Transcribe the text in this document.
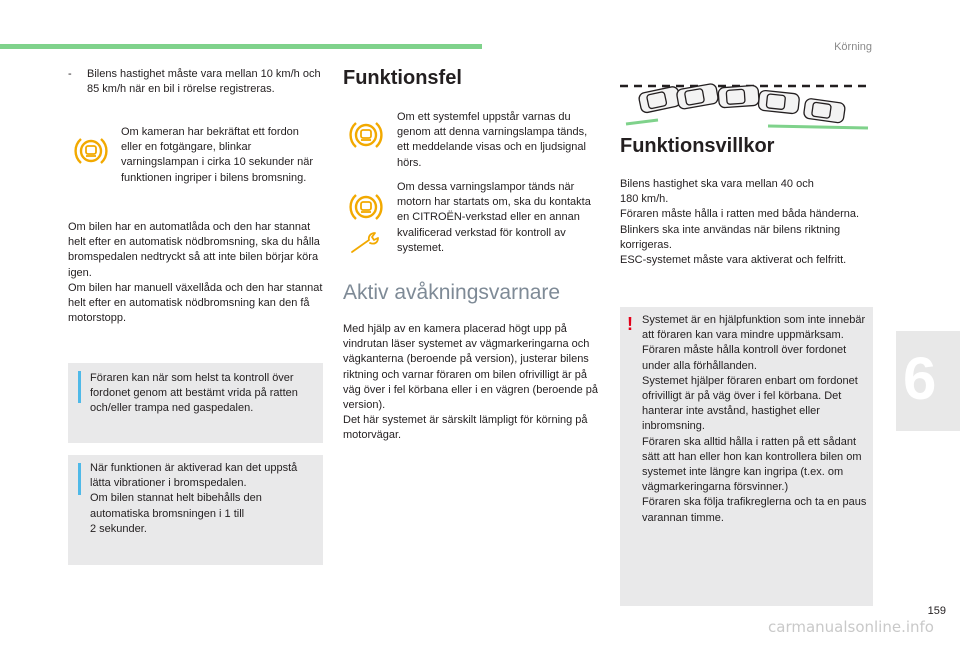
Körning
6
159
-	Bilens hastighet måste vara mellan 10 km/h och 85 km/h när en bil i rörelse registreras.
Om kameran har bekräftat ett fordon eller en fotgängare, blinkar varningslampan i cirka 10 sekunder när funktionen ingriper i bilens bromsning.
Om bilen har en automatlåda och den har stannat helt efter en automatisk nödbromsning, ska du hålla bromspedalen nedtryckt så att inte bilen börjar köra igen.
Om bilen har manuell växellåda och den har stannat helt efter en automatisk nödbromsning kan den få motorstopp.
Föraren kan när som helst ta kontroll över fordonet genom att bestämt vrida på ratten och/eller trampa ned gaspedalen.
När funktionen är aktiverad kan det uppstå lätta vibrationer i bromspedalen.
Om bilen stannat helt bibehålls den automatiska bromsningen i 1 till
2 sekunder.
Funktionsfel
Om ett systemfel uppstår varnas du genom att denna varningslampa tänds, ett meddelande visas och en ljudsignal hörs.
Om dessa varningslampor tänds när motorn har startats om, ska du kontakta en CITROËN-verkstad eller en annan kvalificerad verkstad för kontroll av systemet.
Aktiv avåkningsvarnare
Med hjälp av en kamera placerad högt upp på vindrutan läser systemet av vägmarkeringarna och vägkanterna (beroende på version), justerar bilens riktning och varnar föraren om bilen ofrivilligt är på väg över i fel körbana eller i en vägren (beroende på version).
Det här systemet är särskilt lämpligt för körning på motorvägar.
Funktionsvillkor
Bilens hastighet ska vara mellan 40 och
180 km/h.
Föraren måste hålla i ratten med båda händerna.
Blinkers ska inte användas när bilens riktning korrigeras.
ESC-systemet måste vara aktiverat och felfritt.
! Systemet är en hjälpfunktion som inte innebär att föraren kan vara mindre uppmärksam. Föraren måste hålla kontroll över fordonet under alla förhållanden.
Systemet hjälper föraren enbart om fordonet ofrivilligt är på väg över i fel körbana. Det hanterar inte avstånd, hastighet eller inbromsning.
Föraren ska alltid hålla i ratten på ett sådant sätt att han eller hon kan kontrollera bilen om systemet inte längre kan ingripa (t.ex. om vägmarkeringarna försvinner.)
Föraren ska följa trafikreglerna och ta en paus varannan timme.
carmanualsonline.info
